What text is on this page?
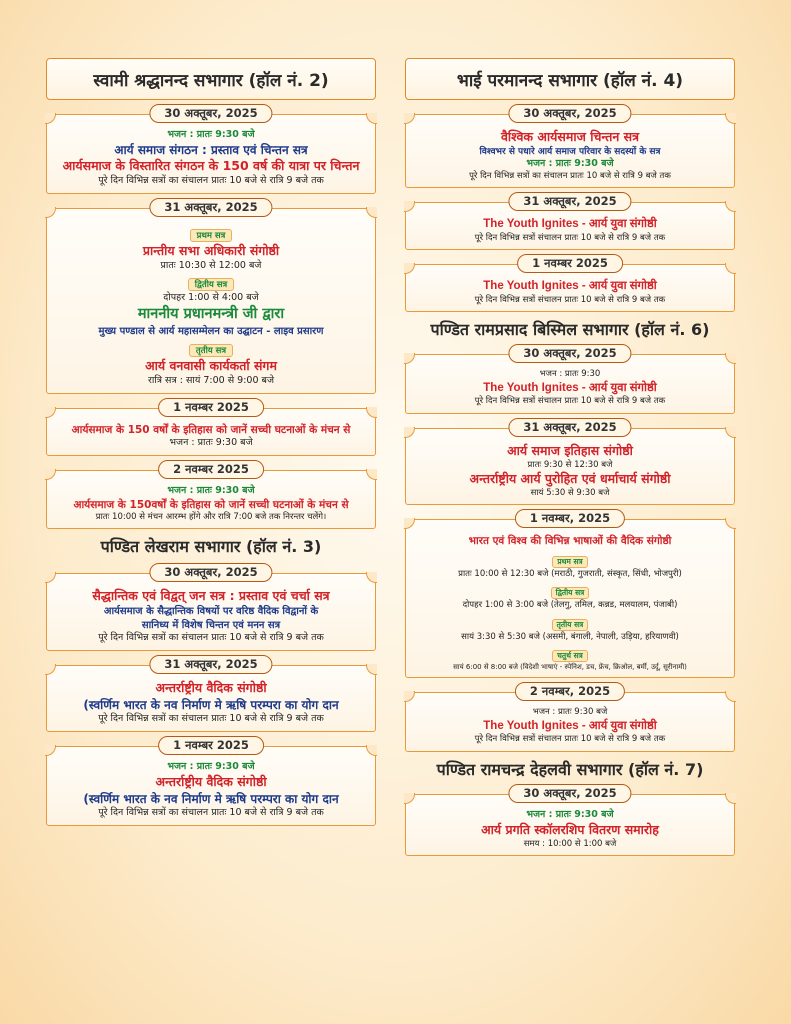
स्वामी श्रद्धानन्द सभागार (हॉल नं. 2)
30 अक्तूबर, 2025
भजन : प्रातः 9:30 बजे
आर्य समाज संगठन : प्रस्ताव एवं चिन्तन सत्र
आर्यसमाज के विस्तारित संगठन के 150 वर्ष की यात्रा पर चिन्तन
पूरे दिन विभिन्न सत्रों का संचालन प्रातः 10 बजे से रात्रि 9 बजे तक
31 अक्तूबर, 2025
प्रथम सत्र
प्रान्तीय सभा अधिकारी संगोष्ठी
प्रातः 10:30 से 12:00 बजे
द्वितीय सत्र
दोपहर 1:00 से 4:00 बजे
माननीय प्रधानमन्त्री जी द्वारा
मुख्य पण्डाल से आर्य महासम्मेलन का उद्घाटन - लाइव प्रसारण
तृतीय सत्र
आर्य वनवासी कार्यकर्ता संगम
रात्रि सत्र : सायं 7:00 से 9:00 बजे
1 नवम्बर 2025
आर्यसमाज के 150 वर्षों के इतिहास को जानें सच्ची घटनाओं के मंचन से
भजन : प्रातः 9:30 बजे
2 नवम्बर 2025
भजन : प्रातः 9:30 बजे
आर्यसमाज के 150वर्षों के इतिहास को जानें सच्ची घटनाओं के मंचन से
प्रातः 10:00 से मंचन आरम्भ होंगे और रात्रि 7:00 बजे तक निरन्तर चलेंगे।
पण्डित लेखराम सभागार (हॉल नं. 3)
30 अक्तूबर, 2025
सैद्धान्तिक एवं विद्वत् जन सत्र : प्रस्ताव एवं चर्चा सत्र
आर्यसमाज के सैद्धान्तिक विषयों पर वरिष्ठ वैदिक विद्वानों के
सानिध्य में विशेष चिन्तन एवं मनन सत्र
पूरे दिन विभिन्न सत्रों का संचालन प्रातः 10 बजे से रात्रि 9 बजे तक
31 अक्तूबर, 2025
अन्तर्राष्ट्रीय वैदिक संगोष्ठी
(स्वर्णिम भारत के नव निर्माण मे ऋषि परम्परा का योग दान
पूरे दिन विभिन्न सत्रों का संचालन प्रातः 10 बजे से रात्रि 9 बजे तक
1 नवम्बर 2025
भजन : प्रातः 9:30 बजे
अन्तर्राष्ट्रीय वैदिक संगोष्ठी
(स्वर्णिम भारत के नव निर्माण मे ऋषि परम्परा का योग दान
पूरे दिन विभिन्न सत्रों का संचालन प्रातः 10 बजे से रात्रि 9 बजे तक
भाई परमानन्द सभागार (हॉल नं. 4)
30 अक्तूबर, 2025
वैश्विक आर्यसमाज चिन्तन सत्र
विश्वभर से पधारे आर्य समाज परिवार के सदस्यों के सत्र
भजन : प्रातः 9:30 बजे
पूरे दिन विभिन्न सत्रों का संचालन प्रातः 10 बजे से रात्रि 9 बजे तक
31 अक्तूबर, 2025
The Youth Ignites - आर्य युवा संगोष्ठी
पूरे दिन विभिन्न सत्रों संचालन प्रातः 10 बजे से रात्रि 9 बजे तक
1 नवम्बर 2025
The Youth Ignites - आर्य युवा संगोष्ठी
पूरे दिन विभिन्न सत्रों संचालन प्रातः 10 बजे से रात्रि 9 बजे तक
पण्डित रामप्रसाद बिस्मिल सभागार (हॉल नं. 6)
30 अक्तूबर, 2025
भजन : प्रातः 9:30
The Youth Ignites - आर्य युवा संगोष्ठी
पूरे दिन विभिन्न सत्रों संचालन प्रातः 10 बजे से रात्रि 9 बजे तक
31 अक्तूबर, 2025
आर्य समाज इतिहास संगोष्ठी
प्रातः 9:30 से 12:30 बजे
अन्तर्राष्ट्रीय आर्य पुरोहित एवं धर्माचार्य संगोष्ठी
सायं 5:30 से 9:30 बजे
1 नवम्बर, 2025
भारत एवं विश्व की विभिन्न भाषाओं की वैदिक संगोष्ठी
प्रथम सत्र
प्रातः 10:00 से 12:30 बजे (मराठी, गुजराती, संस्कृत, सिंधी, भोजपुरी)
द्वितीय सत्र
दोपहर 1:00 से 3:00 बजे (तेलगु, तमिल, कन्नड, मलयालम, पंजाबी)
तृतीय सत्र
सायं 3:30 से 5:30 बजे (असमी, बंगाली, नेपाली, उड़िया, हरियाणवी)
चतुर्थ सत्र
सायं 6:00 से 8:00 बजे (विदेशी भाषाएं - स्पेनिश, डच, फ्रेंच, क्रिओल, बर्मी, उर्दू, सूरीनामी)
2 नवम्बर, 2025
भजन : प्रातः 9:30 बजे
The Youth Ignites - आर्य युवा संगोष्ठी
पूरे दिन विभिन्न सत्रों संचालन प्रातः 10 बजे से रात्रि 9 बजे तक
पण्डित रामचन्द्र देहलवी सभागार (हॉल नं. 7)
30 अक्तूबर, 2025
भजन : प्रातः 9:30 बजे
आर्य प्रगति स्कॉलरशिप वितरण समारोह
समय : 10:00 से 1:00 बजे
